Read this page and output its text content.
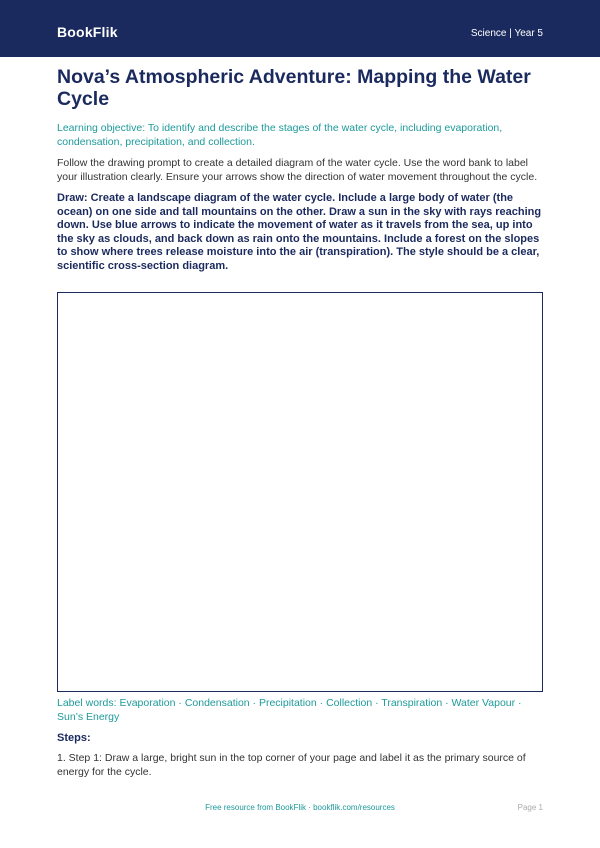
BookFlik	Science | Year 5
Nova’s Atmospheric Adventure: Mapping the Water Cycle
Learning objective: To identify and describe the stages of the water cycle, including evaporation, condensation, precipitation, and collection.
Follow the drawing prompt to create a detailed diagram of the water cycle. Use the word bank to label your illustration clearly. Ensure your arrows show the direction of water movement throughout the cycle.
Draw: Create a landscape diagram of the water cycle. Include a large body of water (the ocean) on one side and tall mountains on the other. Draw a sun in the sky with rays reaching down. Use blue arrows to indicate the movement of water as it travels from the sea, up into the sky as clouds, and back down as rain onto the mountains. Include a forest on the slopes to show where trees release moisture into the air (transpiration). The style should be a clear, scientific cross-section diagram.
Label words: Evaporation · Condensation · Precipitation · Collection · Transpiration · Water Vapour · Sun’s Energy
Steps:
1. Step 1: Draw a large, bright sun in the top corner of your page and label it as the primary source of energy for the cycle.
Free resource from BookFlik · bookflik.com/resources	Page 1
